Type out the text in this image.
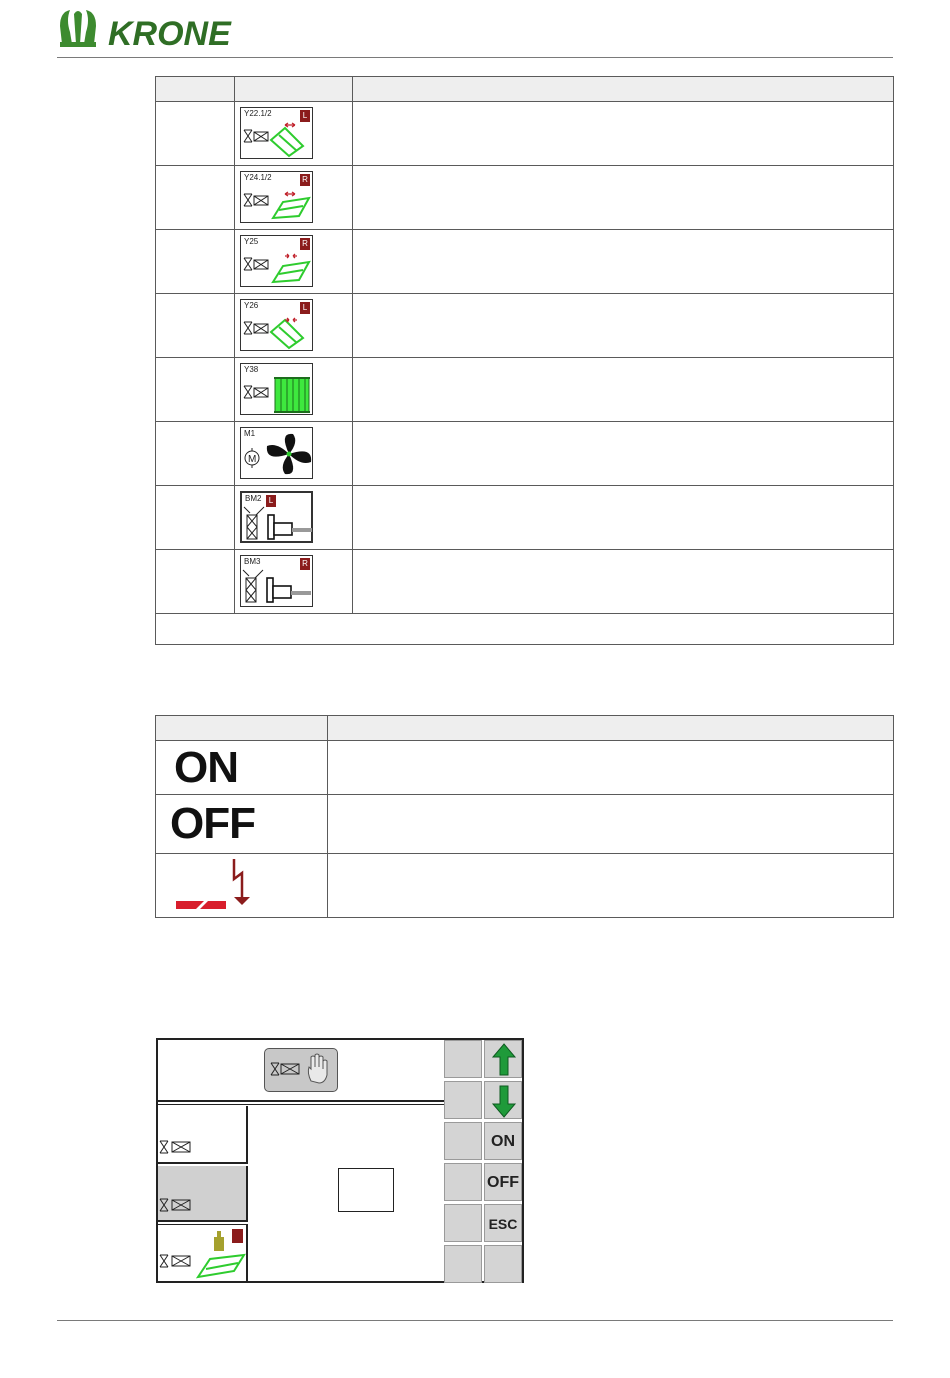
KRONE

	Y22.1/2 L	

	Y24.1/2 R	

	Y25 R	

	Y26 L	

	Y38	

	M1
M	

	BM2 L	

	BM3 R	

ON	

OFF	

ON
OFF
ESC
